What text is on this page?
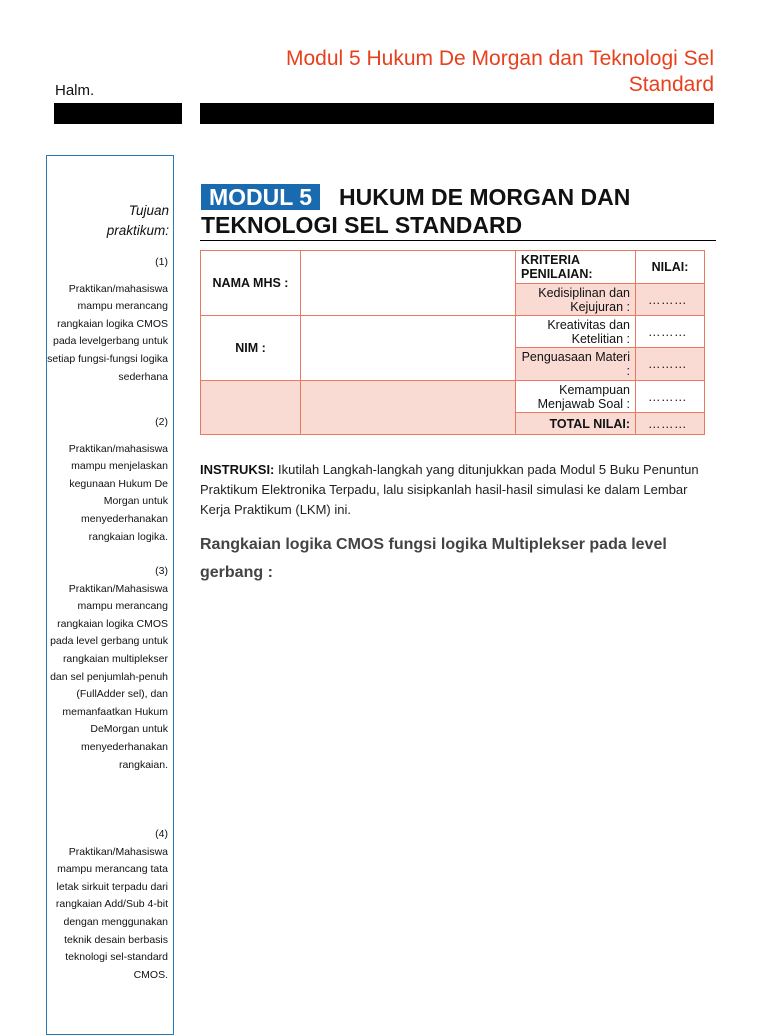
Modul 5 Hukum De Morgan dan Teknologi Sel
Standard
Halm.
Tujuan
praktikum:
(1)
Praktikan/mahasiswa mampu merancang rangkaian logika CMOS pada levelgerbang untuk setiap fungsi-fungsi logika sederhana
(2)
Praktikan/mahasiswa mampu menjelaskan kegunaan Hukum De Morgan untuk menyederhanakan rangkaian logika.
(3)
Praktikan/Mahasiswa mampu merancang rangkaian logika CMOS pada level gerbang untuk rangkaian multiplekser dan sel penjumlah-penuh (FullAdder sel), dan memanfaatkan Hukum DeMorgan untuk menyederhanakan rangkaian.
(4)
Praktikan/Mahasiswa mampu merancang tata letak sirkuit terpadu dari rangkaian Add/Sub 4-bit dengan menggunakan teknik desain berbasis teknologi sel-standard CMOS.
MODUL 5	HUKUM DE MORGAN DAN
TEKNOLOGI SEL STANDARD
NAMA MHS :		KRITERIA PENILAIAN:	NILAI:
		Kedisiplinan dan Kejujuran :	………
NIM :		Kreativitas dan Ketelitian :	………
		Penguasaan Materi :	………
		Kemampuan Menjawab Soal :	………
		TOTAL NILAI:	………
INSTRUKSI: Ikutilah Langkah-langkah yang ditunjukkan pada Modul 5 Buku Penuntun Praktikum Elektronika Terpadu, lalu sisipkanlah hasil-hasil simulasi ke dalam Lembar Kerja Praktikum (LKM) ini.
Rangkaian logika CMOS fungsi logika Multiplekser pada level gerbang :
